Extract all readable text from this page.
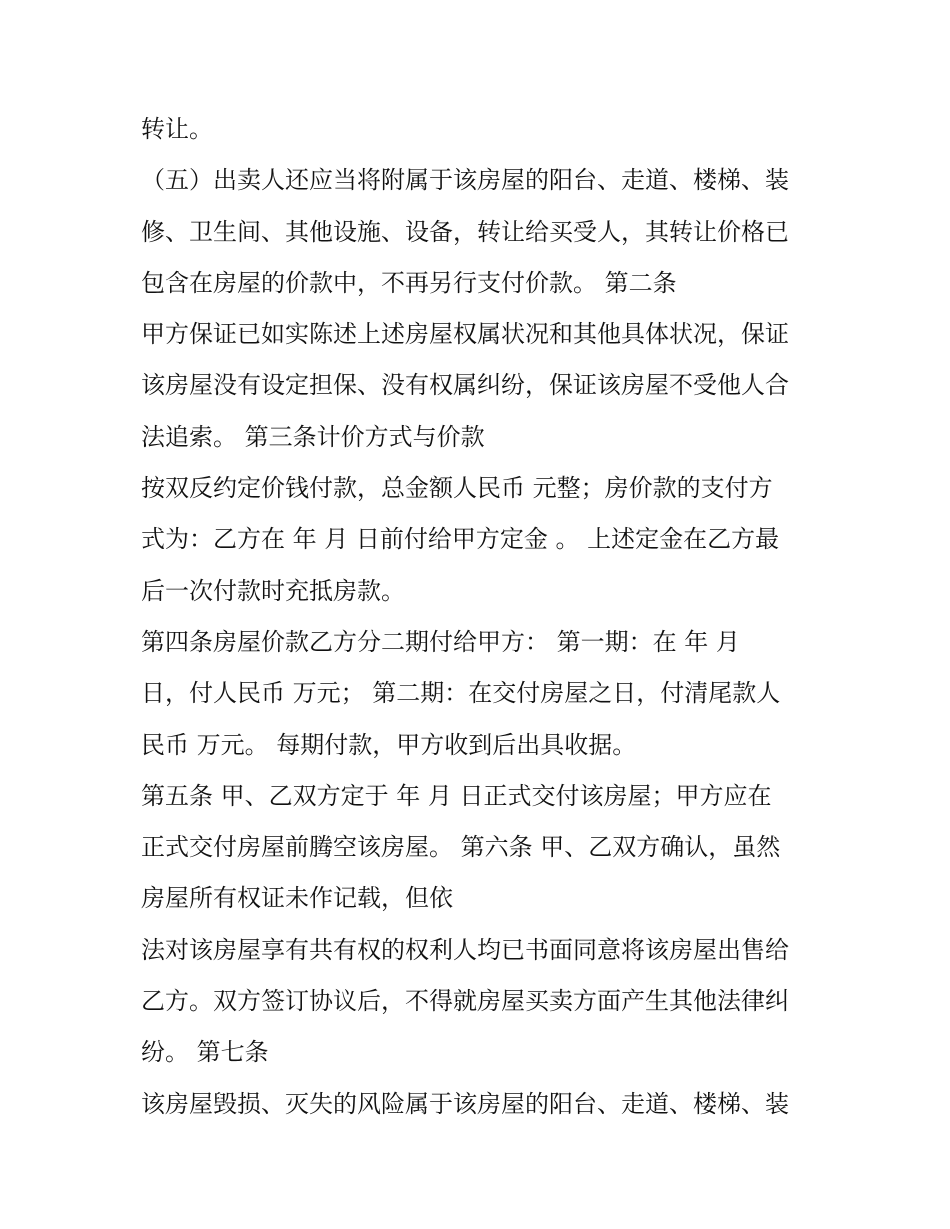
转让。
（五）出卖人还应当将附属于该房屋的阳台、走道、楼梯、装
修、卫生间、其他设施、设备，转让给买受人，其转让价格已
包含在房屋的价款中，不再另行支付价款。 第二条
甲方保证已如实陈述上述房屋权属状况和其他具体状况，保证
该房屋没有设定担保、没有权属纠纷，保证该房屋不受他人合
法追索。 第三条计价方式与价款
按双反约定价钱付款，总金额人民币 元整；房价款的支付方
式为：乙方在 年 月 日前付给甲方定金 。 上述定金在乙方最
后一次付款时充抵房款。
第四条房屋价款乙方分二期付给甲方： 第一期：在 年 月
日，付人民币 万元； 第二期：在交付房屋之日，付清尾款人
民币 万元。 每期付款，甲方收到后出具收据。
第五条 甲、乙双方定于 年 月 日正式交付该房屋；甲方应在
正式交付房屋前腾空该房屋。 第六条 甲、乙双方确认，虽然
房屋所有权证未作记载，但依
法对该房屋享有共有权的权利人均已书面同意将该房屋出售给
乙方。双方签订协议后，不得就房屋买卖方面产生其他法律纠
纷。 第七条
该房屋毁损、灭失的风险属于该房屋的阳台、走道、楼梯、装
